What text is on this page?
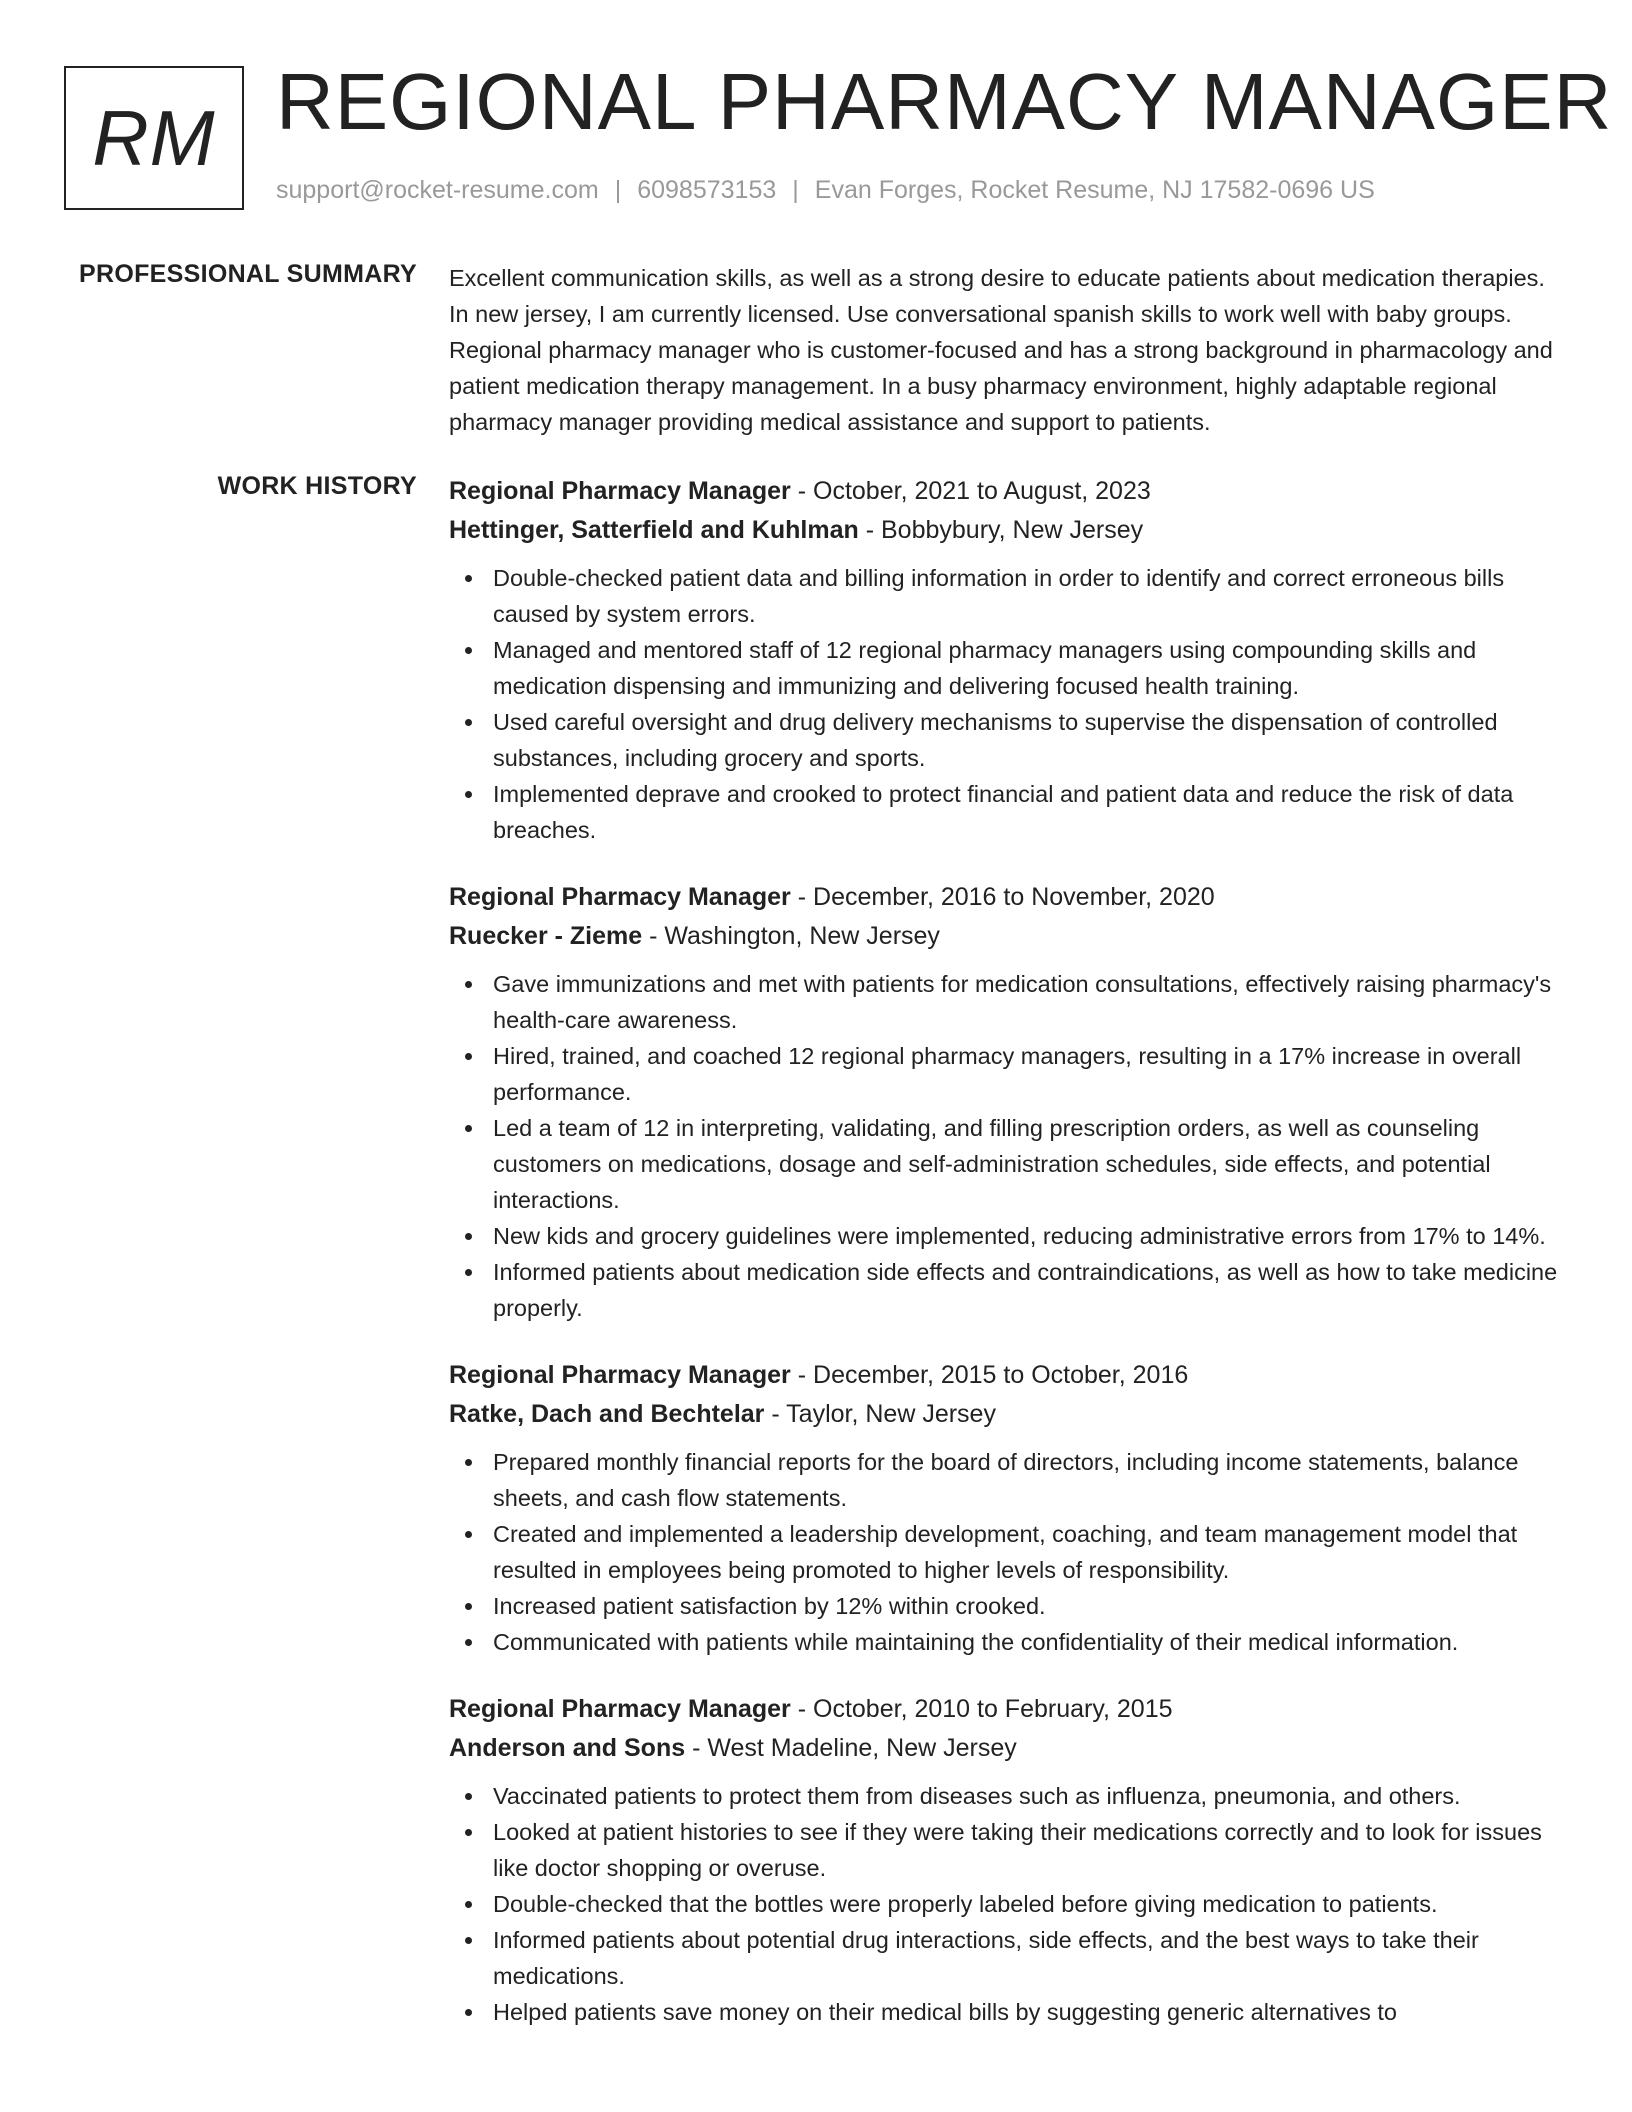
RM REGIONAL PHARMACY MANAGER
support@rocket-resume.com | 6098573153 | Evan Forges, Rocket Resume, NJ 17582-0696 US
PROFESSIONAL SUMMARY Excellent communication skills, as well as a strong desire to educate patients about medication therapies. In new jersey, I am currently licensed. Use conversational spanish skills to work well with baby groups. Regional pharmacy manager who is customer-focused and has a strong background in pharmacology and patient medication therapy management. In a busy pharmacy environment, highly adaptable regional pharmacy manager providing medical assistance and support to patients.

WORK HISTORY Regional Pharmacy Manager - October, 2021 to August, 2023
Hettinger, Satterfield and Kuhlman - Bobbybury, New Jersey
Double-checked patient data and billing information in order to identify and correct erroneous bills caused by system errors.
Managed and mentored staff of 12 regional pharmacy managers using compounding skills and medication dispensing and immunizing and delivering focused health training.
Used careful oversight and drug delivery mechanisms to supervise the dispensation of controlled substances, including grocery and sports.
Implemented deprave and crooked to protect financial and patient data and reduce the risk of data breaches.
Regional Pharmacy Manager - December, 2016 to November, 2020
Ruecker - Zieme - Washington, New Jersey
Gave immunizations and met with patients for medication consultations, effectively raising pharmacy's health-care awareness.
Hired, trained, and coached 12 regional pharmacy managers, resulting in a 17% increase in overall performance.
Led a team of 12 in interpreting, validating, and filling prescription orders, as well as counseling customers on medications, dosage and self-administration schedules, side effects, and potential interactions.
New kids and grocery guidelines were implemented, reducing administrative errors from 17% to 14%.
Informed patients about medication side effects and contraindications, as well as how to take medicine properly.
Regional Pharmacy Manager - December, 2015 to October, 2016
Ratke, Dach and Bechtelar - Taylor, New Jersey
Prepared monthly financial reports for the board of directors, including income statements, balance sheets, and cash flow statements.
Created and implemented a leadership development, coaching, and team management model that resulted in employees being promoted to higher levels of responsibility.
Increased patient satisfaction by 12% within crooked.
Communicated with patients while maintaining the confidentiality of their medical information.
Regional Pharmacy Manager - October, 2010 to February, 2015
Anderson and Sons - West Madeline, New Jersey
Vaccinated patients to protect them from diseases such as influenza, pneumonia, and others.
Looked at patient histories to see if they were taking their medications correctly and to look for issues like doctor shopping or overuse.
Double-checked that the bottles were properly labeled before giving medication to patients.
Informed patients about potential drug interactions, side effects, and the best ways to take their medications.
Helped patients save money on their medical bills by suggesting generic alternatives to
